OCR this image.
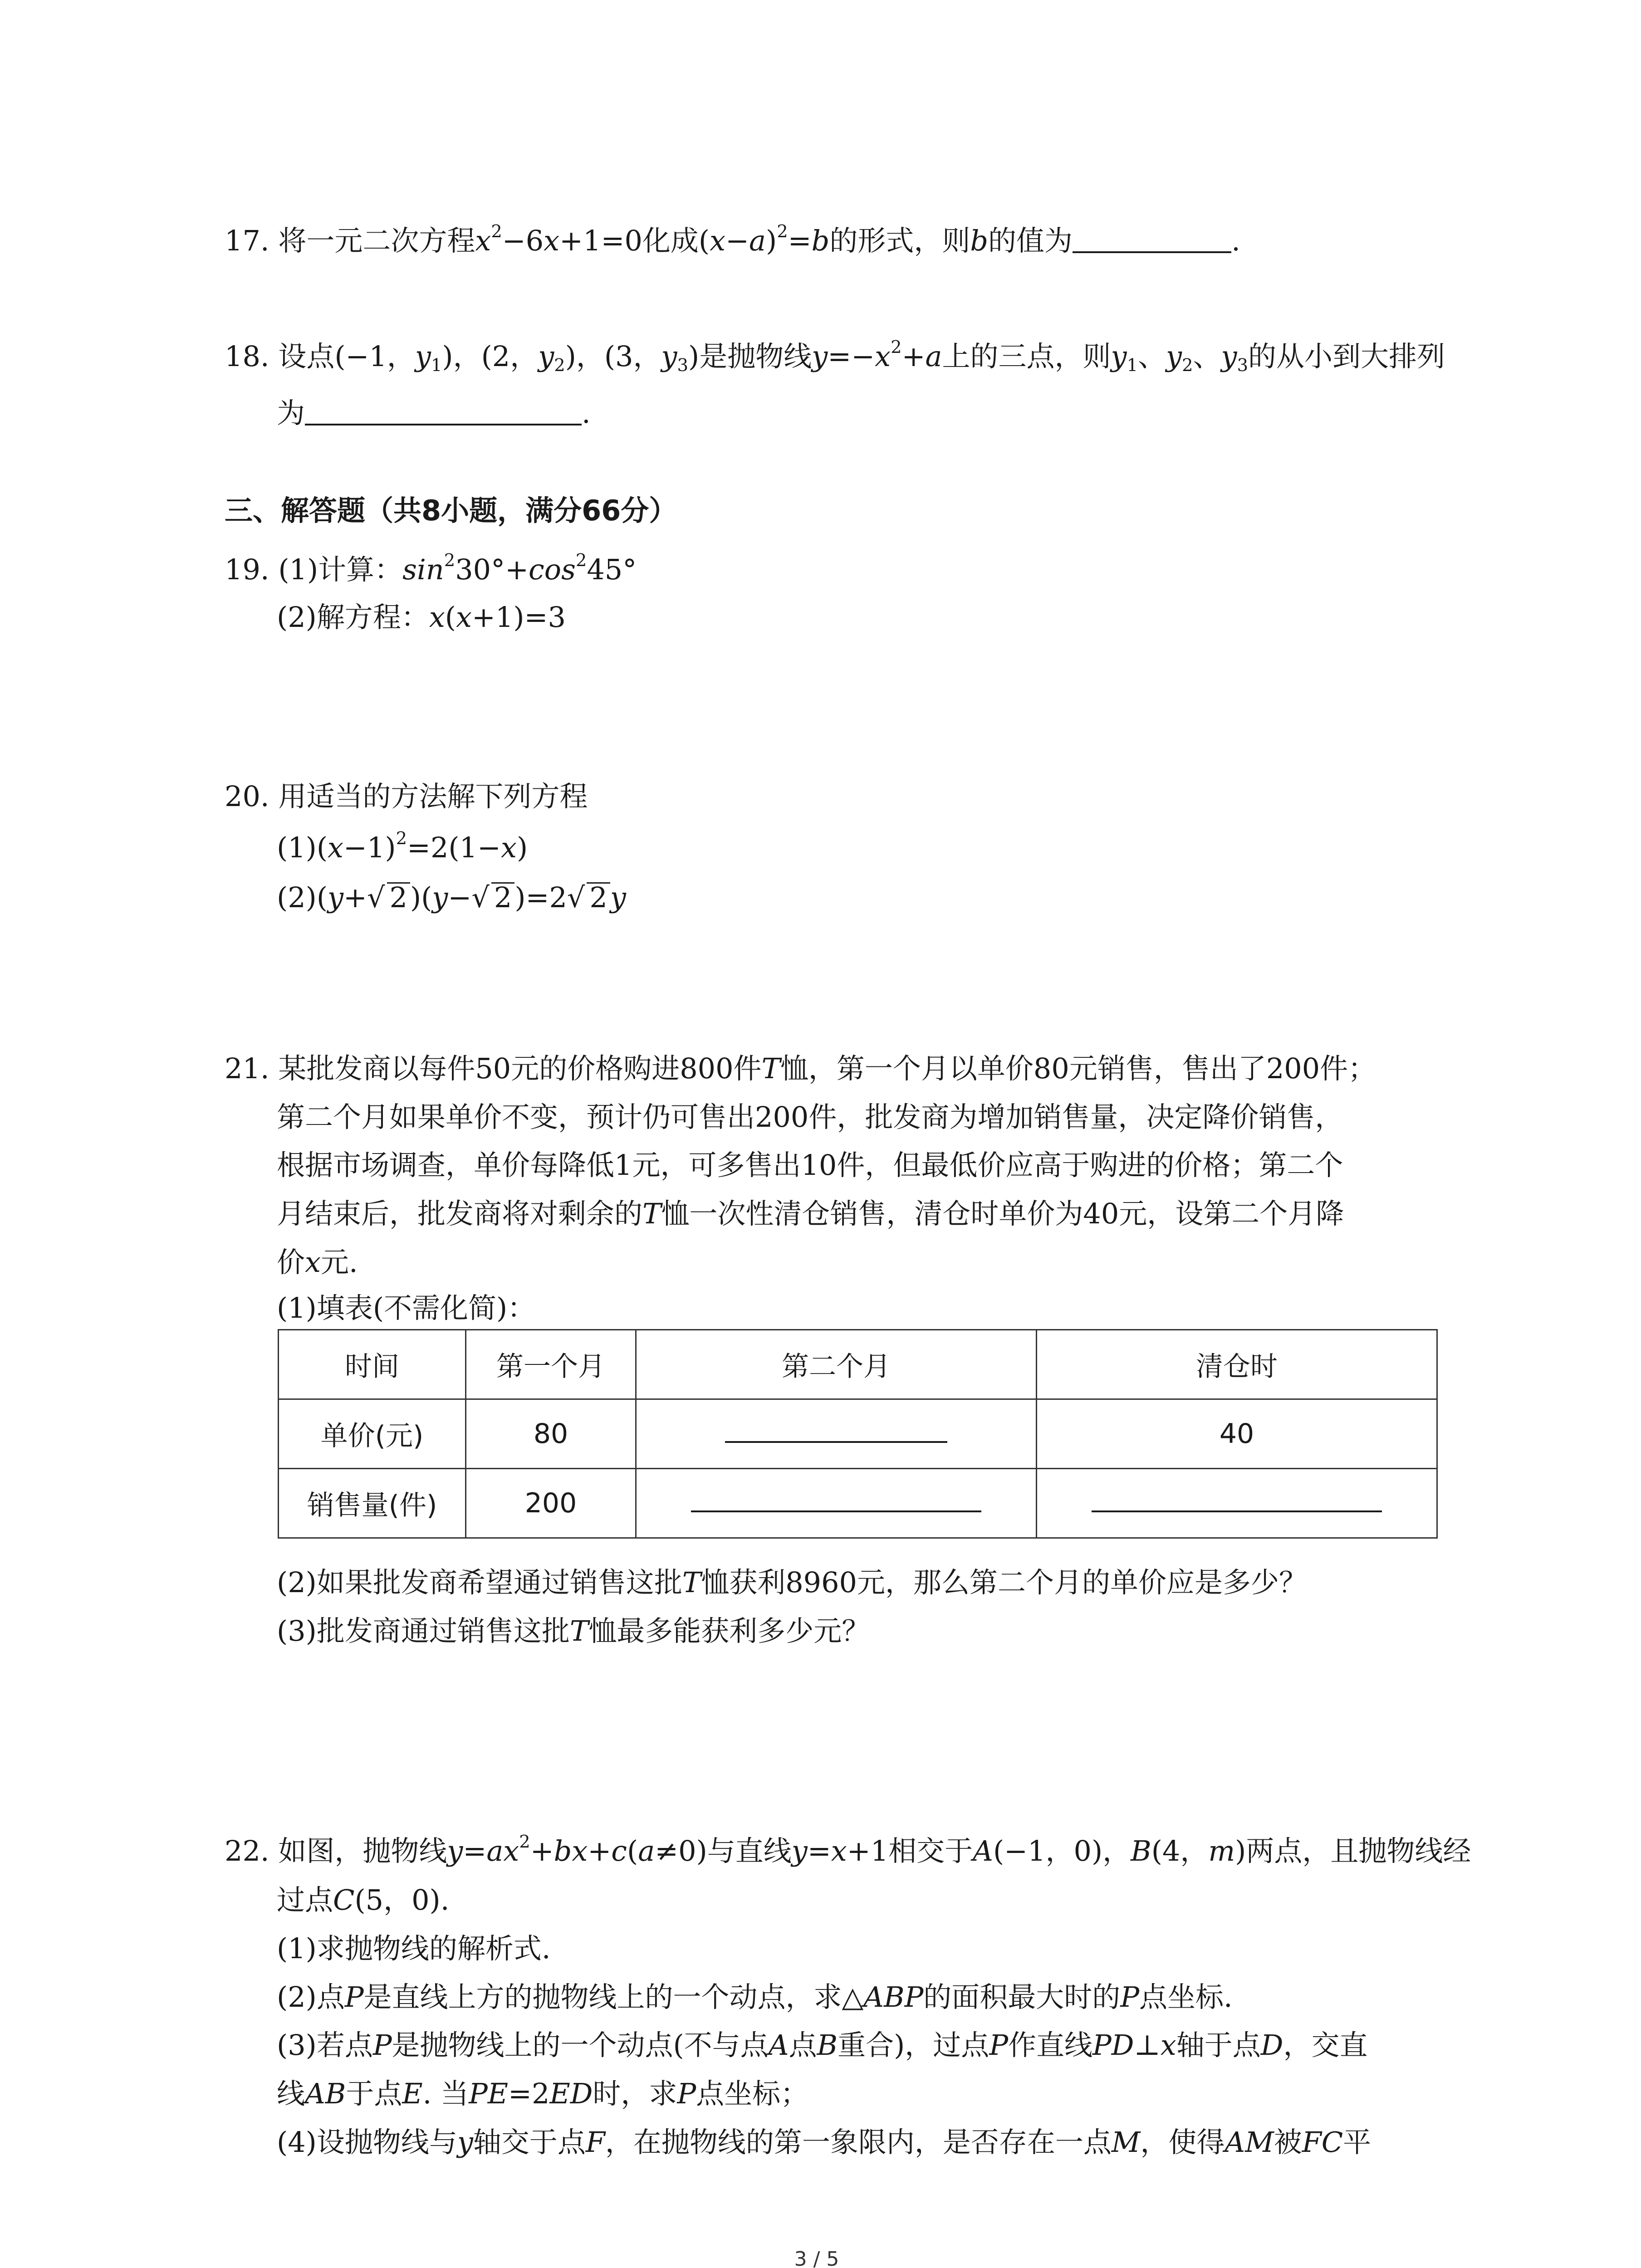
17. 将一元二次方程$x^2-6x+1=0$化成$(x-a)^2=b$的形式，则b的值为	.
18. 设点(−1，$y_1$)，(2，$y_2$)，(3，$y_3$)是抛物线$y=-x^2+a$上的三点，则$y_1$、$y_2$、$y_3$的从小到大排列
为	.
三、解答题（共8小题，满分66分）
19. (1)计算：$\sin^230^\circ+\cos^245^\circ$
(2)解方程：x(x+1)=3
20. 用适当的方法解下列方程
$(1)(x-1)^2=2(1-x)$
(2)(y+√ 2)(y−√ 2)=2√ 2y
21. 某批发商以每件50元的价格购进800件T恤，第一个月以单价80元销售，售出了200件；
第二个月如果单价不变，预计仍可售出200件，批发商为增加销售量，决定降价销售，
根据市场调查，单价每降低1元，可多售出10件，但最低价应高于购进的价格；第二个
月结束后，批发商将对剩余的T恤一次性清仓销售，清仓时单价为40元，设第二个月降
价x元.
(1)填表(不需化简)：
时间	第一个月	第二个月	清仓时
单价(元)	80		40
销售量(件)	200		
(2)如果批发商希望通过销售这批T恤获利8960元，那么第二个月的单价应是多少？
(3)批发商通过销售这批T恤最多能获利多少元？
22. 如图，抛物线$y=ax^2+bx+c(a\ne 0)$与直线y=x+1相交于A(−1，0)，B(4，m)两点，且抛物线经
过点C(5，0).
(1)求抛物线的解析式.
(2)点P是直线上方的抛物线上的一个动点，求△ABP的面积最大时的P点坐标.
(3)若点P是抛物线上的一个动点(不与点A点B重合)，过点P作直线PD⊥x轴于点D，交直
线AB于点E. 当PE=2ED时，求P点坐标；
(4)设抛物线与y轴交于点F，在抛物线的第一象限内，是否存在一点M，使得AM被FC平
3 / 5
